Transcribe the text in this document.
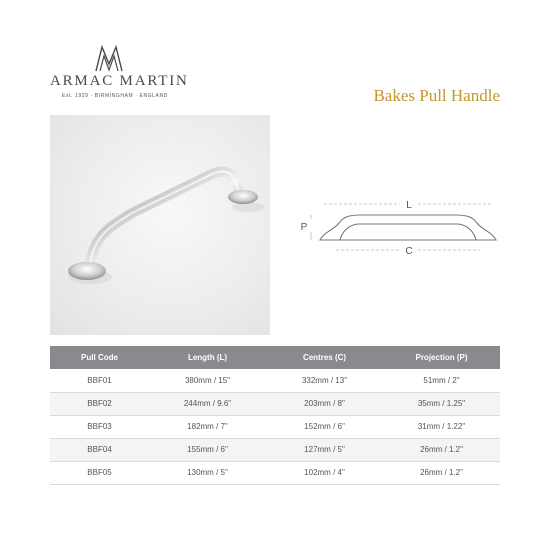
ARMAC MARTIN
Est. 1929 · BIRMINGHAM · ENGLAND	Bakes Pull Handle
L
P
C
Pull Code	Length (L)	Centres (C)	Projection (P)
BBF01	380mm / 15"	332mm / 13"	51mm / 2"
BBF02	244mm / 9.6"	203mm / 8"	35mm / 1.25"
BBF03	182mm / 7"	152mm / 6"	31mm / 1.22"
BBF04	155mm / 6"	127mm / 5"	26mm / 1.2"
BBF05	130mm / 5"	102mm / 4"	26mm / 1.2"
